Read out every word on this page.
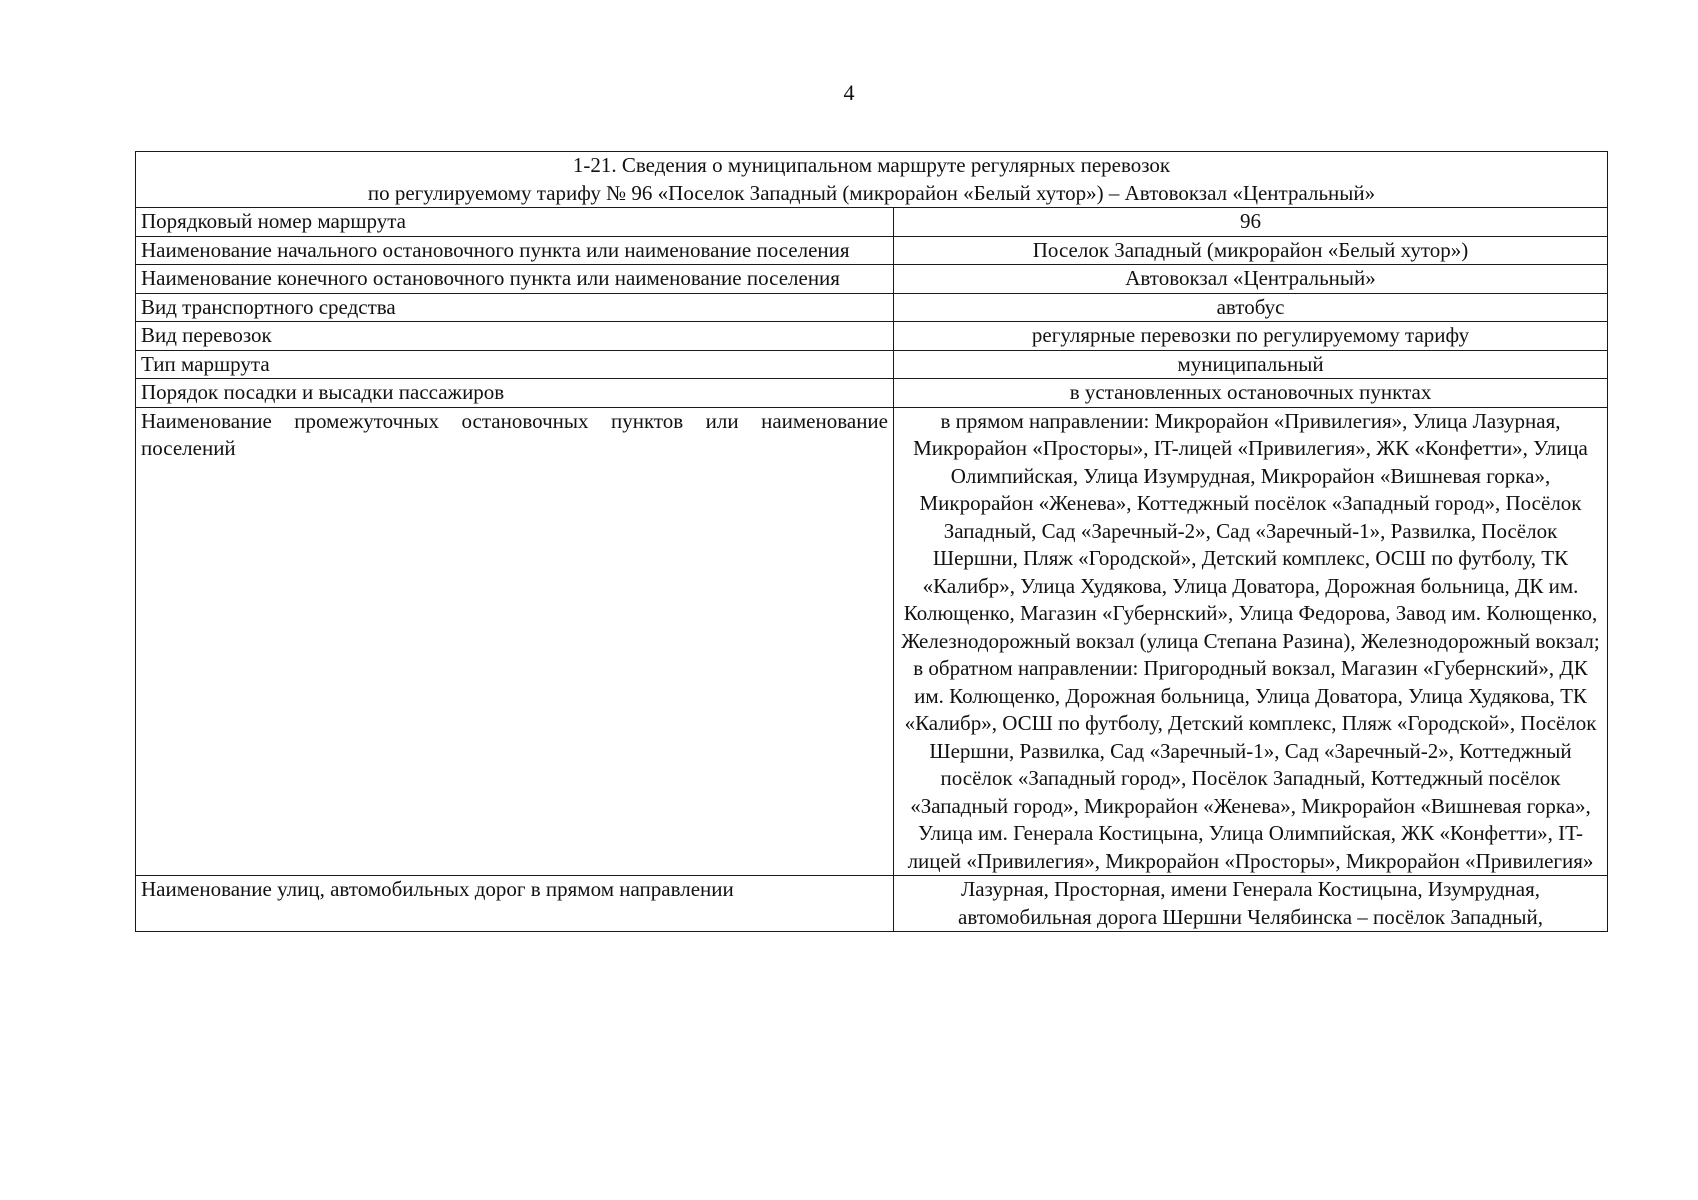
4
1-21. Сведения о муниципальном маршруте регулярных перевозок
по регулируемому тарифу № 96 «Поселок Западный (микрорайон «Белый хутор») – Автовокзал «Центральный»	

Порядковый номер маршрута	96
Наименование начального остановочного пункта или наименование поселения	Поселок Западный (микрорайон «Белый хутор»)
Наименование конечного остановочного пункта или наименование поселения	Автовокзал «Центральный»
Вид транспортного средства	автобус
Вид перевозок	регулярные перевозки по регулируемому тарифу
Тип маршрута	муниципальный
Порядок посадки и высадки пассажиров	в установленных остановочных пунктах
Наименование промежуточных остановочных пунктов или наименование поселений	в прямом направлении: Микрорайон «Привилегия», Улица Лазурная, Микрорайон «Просторы», IT-лицей «Привилегия», ЖК «Конфетти», Улица Олимпийская, Улица Изумрудная, Микрорайон «Вишневая горка», Микрорайон «Женева», Коттеджный посёлок «Западный город», Посёлок Западный, Сад «Заречный-2», Сад «Заречный-1», Развилка, Посёлок Шершни, Пляж «Городской», Детский комплекс, ОСШ по футболу, ТК «Калибр», Улица Худякова, Улица Доватора, Дорожная больница, ДК им. Колющенко, Магазин «Губернский», Улица Федорова, Завод им. Колющенко, Железнодорожный вокзал (улица Степана Разина), Железнодорожный вокзал;
в обратном направлении: Пригородный вокзал, Магазин «Губернский», ДК им. Колющенко, Дорожная больница, Улица Доватора, Улица Худякова, ТК «Калибр», ОСШ по футболу, Детский комплекс, Пляж «Городской», Посёлок Шершни, Развилка, Сад «Заречный-1», Сад «Заречный-2», Коттеджный посёлок «Западный город», Посёлок Западный, Коттеджный посёлок «Западный город», Микрорайон «Женева», Микрорайон «Вишневая горка», Улица им. Генерала Костицына, Улица Олимпийская, ЖК «Конфетти», IT-лицей «Привилегия», Микрорайон «Просторы», Микрорайон «Привилегия»

Наименование улиц, автомобильных дорог в прямом направлении	Лазурная, Просторная, имени Генерала Костицына, Изумрудная, автомобильная дорога Шершни Челябинска – посёлок Западный,
